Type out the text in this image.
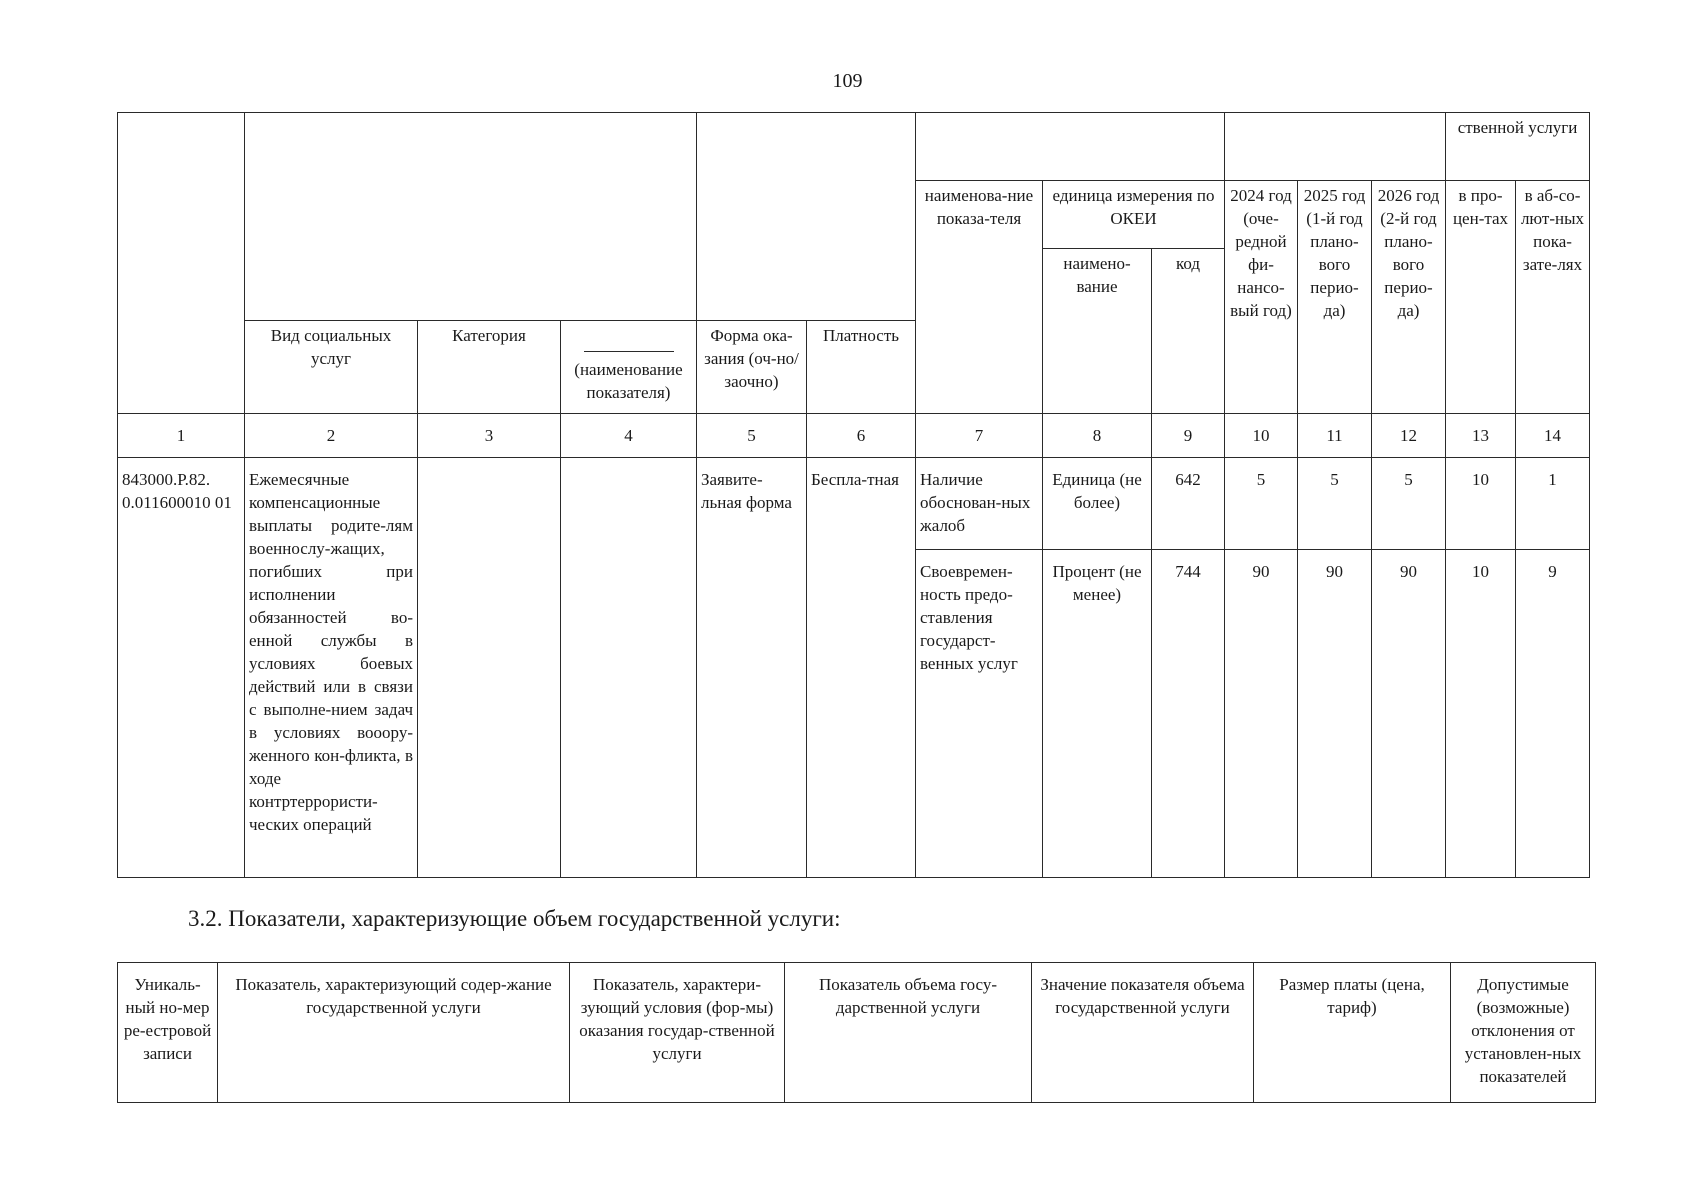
109
												ственной услуги	
						наименова-ние показа-теля	единица измерения по ОКЕИ		2024 год (оче-редной фи-нансо-вый год)	2025 год (1-й год плано-вого перио-да)	2026 год (2-й год плано-вого перио-да)	в про-цен-тах	в аб-со-лют-ных пока-зате-лях
							наимено-вание	код					
	Вид социальных услуг	Категория	(наименование показателя)	Форма ока-зания (оч-но/заочно)	Платность								
1	2	3	4	5	6	7	8	9	10	11	12	13	14
843000.Р.82. 0.011600010 01	Ежемесячные компенсационные выплаты родите-лям военнослу-жащих, погибших при исполнении обязанностей во-енной службы в условиях боевых действий или в связи с выполне-нием задач в условиях вооору-женного кон-фликта, в ходе контртеррористи-ческих операций			Заявите-льная форма	Бесплa-тная	Наличие обоснован-ных жалоб	Единица (не более)	642	5	5	5	10	1
						Своевремен-ность предо-ставления государст-венных услуг	Процент (не менее)	744	90	90	90	10	9
3.2. Показатели, характеризующие объем государственной услуги:
Уникаль-ный но-мер ре-естровой записи	Показатель, характеризующий содер-жание государственной услуги	Показатель, характери-зующий условия (фор-мы) оказания государ-ственной услуги	Показатель объема госу-дарственной услуги	Значение показателя объема государственной услуги	Размер платы (цена, тариф)	Допустимые (возможные) отклонения от установлен-ных показателей
